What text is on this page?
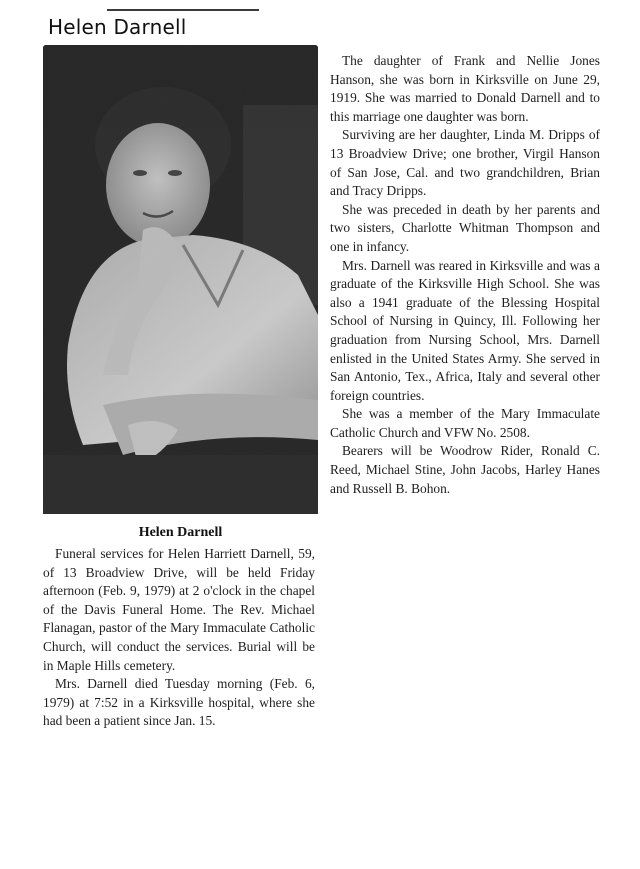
Helen Darnell
Helen Darnell

Funeral services for Helen Harriett Darnell, 59, of 13 Broadview Drive, will be held Friday afternoon (Feb. 9, 1979) at 2 o'clock in the chapel of the Davis Funeral Home. The Rev. Michael Flanagan, pastor of the Mary Immaculate Catholic Church, will conduct the services. Burial will be in Maple Hills cemetery.

Mrs. Darnell died Tuesday morning (Feb. 6, 1979) at 7:52 in a Kirksville hospital, where she had been a patient since Jan. 15.

The daughter of Frank and Nellie Jones Hanson, she was born in Kirksville on June 29, 1919. She was married to Donald Darnell and to this marriage one daughter was born.

Surviving are her daughter, Linda M. Dripps of 13 Broadview Drive; one brother, Virgil Hanson of San Jose, Cal. and two grandchildren, Brian and Tracy Dripps.

She was preceded in death by her parents and two sisters, Charlotte Whitman Thompson and one in infancy.

Mrs. Darnell was reared in Kirksville and was a graduate of the Kirksville High School. She was also a 1941 graduate of the Blessing Hospital School of Nursing in Quincy, Ill. Following her graduation from Nursing School, Mrs. Darnell enlisted in the United States Army. She served in San Antonio, Tex., Africa, Italy and several other foreign countries.

She was a member of the Mary Immaculate Catholic Church and VFW No. 2508.

Bearers will be Woodrow Rider, Ronald C. Reed, Michael Stine, John Jacobs, Harley Hanes and Russell B. Bohon.
